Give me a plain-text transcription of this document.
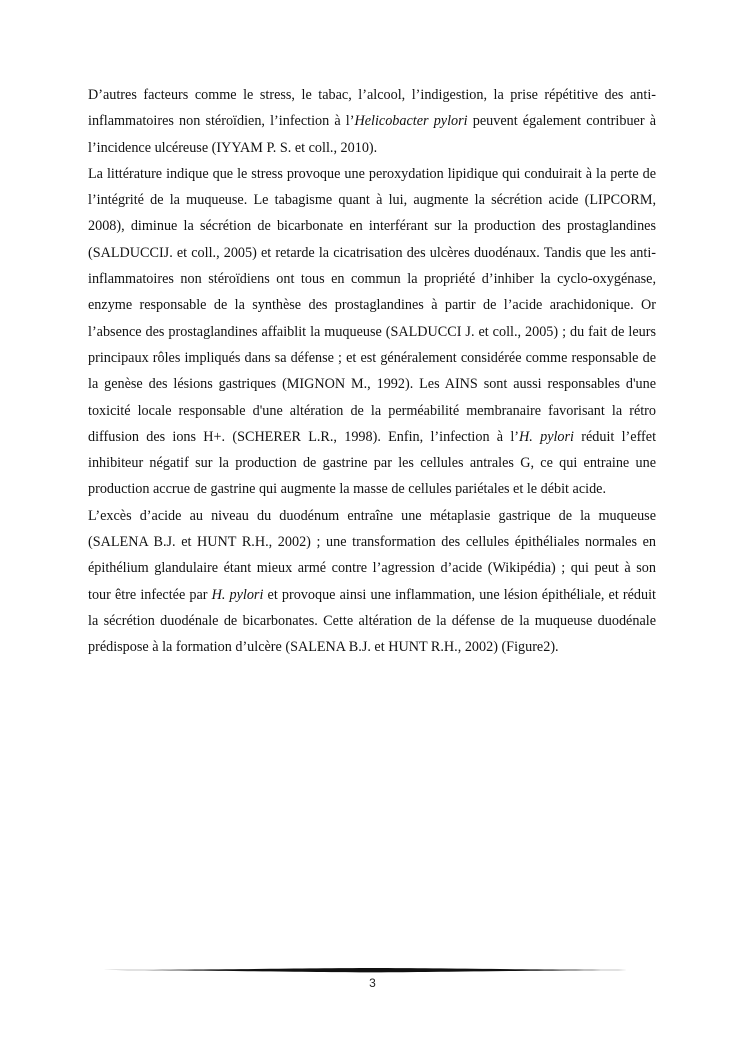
D’autres facteurs comme le stress, le tabac, l’alcool, l’indigestion, la prise répétitive des anti-inflammatoires non stéroïdien, l’infection à l’Helicobacter pylori peuvent également contribuer à l’incidence ulcéreuse (IYYAM P. S. et coll., 2010).

La littérature indique que le stress provoque une peroxydation lipidique qui conduirait à la perte de l’intégrité de la muqueuse. Le tabagisme quant à lui, augmente la sécrétion acide (LIPCORM, 2008), diminue la sécrétion de bicarbonate en interférant sur la production des prostaglandines (SALDUCCIJ. et coll., 2005) et retarde la cicatrisation des ulcères duodénaux. Tandis que les anti-inflammatoires non stéroïdiens ont tous en commun la propriété d’inhiber la cyclo-oxygénase, enzyme responsable de la synthèse des prostaglandines à partir de l’acide arachidonique. Or l’absence des prostaglandines affaiblit la muqueuse (SALDUCCI J. et coll., 2005) ; du fait de leurs principaux rôles impliqués dans sa défense ; et est généralement considérée comme responsable de la genèse des lésions gastriques (MIGNON M., 1992). Les AINS sont aussi responsables d'une toxicité locale responsable d'une altération de la perméabilité membranaire favorisant la rétro diffusion des ions H+. (SCHERER L.R., 1998). Enfin, l’infection à l’H. pylori réduit l’effet inhibiteur négatif sur la production de gastrine par les cellules antrales G, ce qui entraine une production accrue de gastrine qui augmente la masse de cellules pariétales et le débit acide.

L’excès d’acide au niveau du duodénum entraîne une métaplasie gastrique de la muqueuse (SALENA B.J. et HUNT R.H., 2002) ; une transformation des cellules épithéliales normales en épithélium glandulaire étant mieux armé contre l’agression d’acide (Wikipédia) ; qui peut à son tour être infectée par H. pylori et provoque ainsi une inflammation, une lésion épithéliale, et réduit la sécrétion duodénale de bicarbonates. Cette altération de la défense de la muqueuse duodénale prédispose à la formation d’ulcère (SALENA B.J. et HUNT R.H., 2002) (Figure2).

3
